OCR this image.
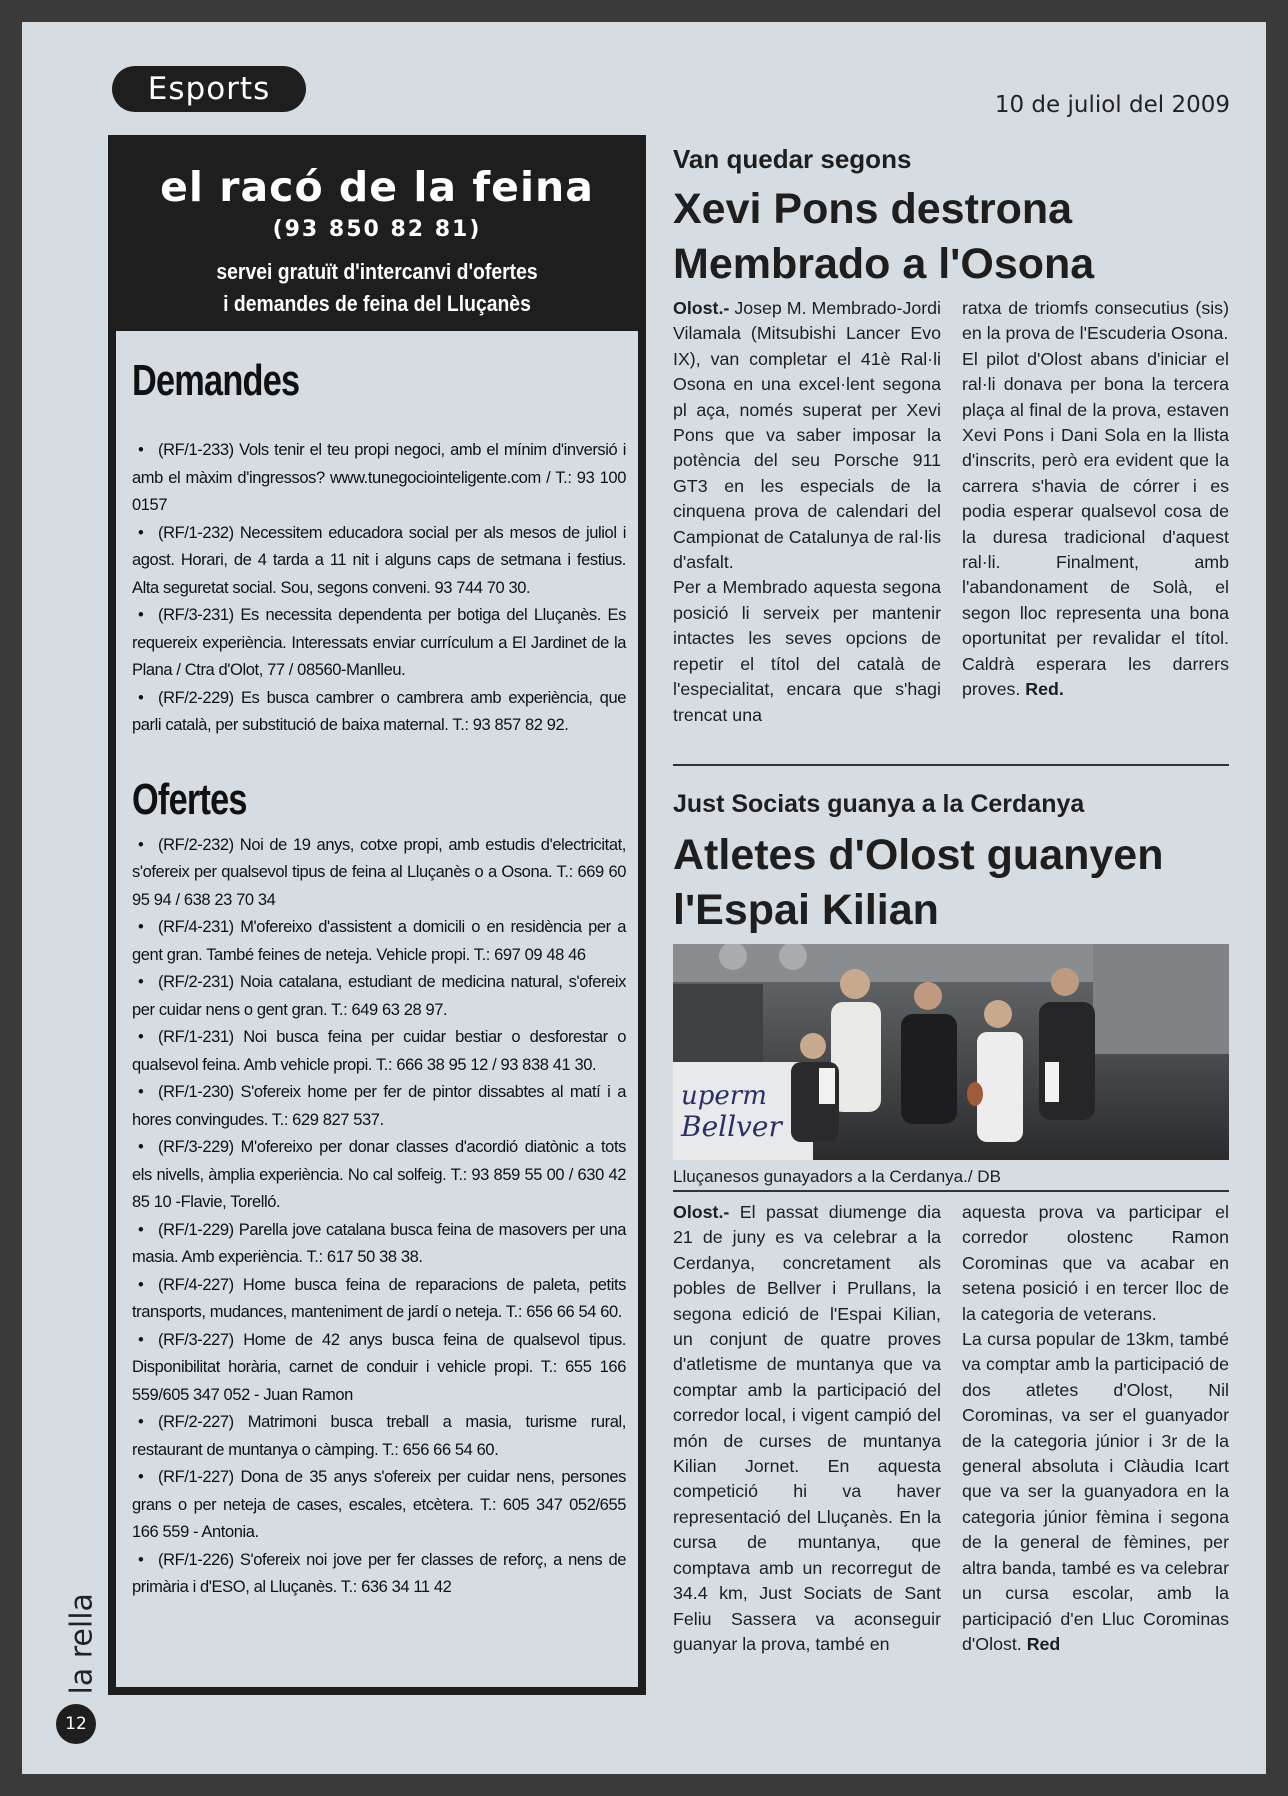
Esports	10 de juliol del 2009
el racó de la feina
(93 850 82 81)
servei gratuït d'intercanvi d'ofertes
i demandes de feina del Lluçanès
Demandes
• (RF/1-233) Vols tenir el teu propi negoci, amb el mínim d'inversió i amb el màxim d'ingressos? www.tunegociointeligente.com / T.: 93 100 0157
• (RF/1-232) Necessitem educadora social per als mesos de juliol i agost. Horari, de 4 tarda a 11 nit i alguns caps de setmana i festius. Alta seguretat social. Sou, segons conveni. 93 744 70 30.
• (RF/3-231) Es necessita dependenta per botiga del Lluçanès. Es requereix experiència. Interessats enviar currículum a El Jardinet de la Plana / Ctra d'Olot, 77 / 08560-Manlleu.
• (RF/2-229) Es busca cambrer o cambrera amb experiència, que parli català, per substitució de baixa maternal. T.: 93 857 82 92.
Ofertes
• (RF/2-232) Noi de 19 anys, cotxe propi, amb estudis d'electricitat, s'ofereix per qualsevol tipus de feina al Lluçanès o a Osona. T.: 669 60 95 94 / 638 23 70 34
• (RF/4-231) M'ofereixo d'assistent a domicili o en residència per a gent gran. També feines de neteja. Vehicle propi. T.: 697 09 48 46
• (RF/2-231) Noia catalana, estudiant de medicina natural, s'ofereix per cuidar nens o gent gran. T.: 649 63 28 97.
• (RF/1-231) Noi busca feina per cuidar bestiar o desforestar o qualsevol feina. Amb vehicle propi. T.: 666 38 95 12 / 93 838 41 30.
• (RF/1-230) S'ofereix home per fer de pintor dissabtes al matí i a hores convingudes. T.: 629 827 537.
• (RF/3-229) M'ofereixo per donar classes d'acordió diatònic a tots els nivells, àmplia experiència. No cal solfeig. T.: 93 859 55 00 / 630 42 85 10 -Flavie, Torelló.
• (RF/1-229) Parella jove catalana busca feina de masovers per una masia. Amb experiència. T.: 617 50 38 38.
• (RF/4-227) Home busca feina de reparacions de paleta, petits transports, mudances, manteniment de jardí o neteja. T.: 656 66 54 60.
• (RF/3-227) Home de 42 anys busca feina de qualsevol tipus. Disponibilitat horària, carnet de conduir i vehicle propi. T.: 655 166 559/605 347 052 - Juan Ramon
• (RF/2-227) Matrimoni busca treball a masia, turisme rural, restaurant de muntanya o càmping. T.: 656 66 54 60.
• (RF/1-227) Dona de 35 anys s'ofereix per cuidar nens, persones grans o per neteja de cases, escales, etcètera. T.: 605 347 052/655 166 559 - Antonia.
• (RF/1-226) S'ofereix noi jove per fer classes de reforç, a nens de primària i d'ESO, al Lluçanès. T.: 636 34 11 42
la rella
12
Van quedar segons
Xevi Pons destrona
Membrado a l'Osona

Olost.- Josep M. Membrado-Jordi Vilamala (Mitsubishi Lancer Evo IX), van completar el 41è Ral·li Osona en una excel·lent segona pl aça, només superat per Xevi Pons que va saber imposar la potència del seu Porsche 911 GT3 en les especials de la cinquena prova de calendari del Campionat de Catalunya de ral·lis d'asfalt.

Per a Membrado aquesta segona posició li serveix per mantenir intactes les seves opcions de repetir el títol del català de l'especialitat, encara que s'hagi trencat una

ratxa de triomfs consecutius (sis) en la prova de l'Escuderia Osona.

El pilot d'Olost abans d'iniciar el ral·li donava per bona la tercera plaça al final de la prova, estaven Xevi Pons i Dani Sola en la llista d'inscrits, però era evident que la carrera s'havia de córrer i es podia esperar qualsevol cosa de la duresa tradicional d'aquest ral·li. Finalment, amb l'abandonament de Solà, el segon lloc representa una bona oportunitat per revalidar el títol. Caldrà esperara les darrers proves. Red.

Just Sociats guanya a la Cerdanya
Atletes d'Olost guanyen
l'Espai Kilian
uperm
Bellver
Lluçanesos gunayadors a la Cerdanya./ DB

Olost.- El passat diumenge dia 21 de juny es va celebrar a la Cerdanya, concretament als pobles de Bellver i Prullans, la segona edició de l'Espai Kilian, un conjunt de quatre proves d'atletisme de muntanya que va comptar amb la participació del corredor local, i vigent campió del món de curses de muntanya Kilian Jornet. En aquesta competició hi va haver representació del Lluçanès. En la cursa de muntanya, que comptava amb un recorregut de 34.4 km, Just Sociats de Sant Feliu Sassera va aconseguir guanyar la prova, també en

aquesta prova va participar el corredor olostenc Ramon Corominas que va acabar en setena posició i en tercer lloc de la categoria de veterans.

La cursa popular de 13km, també va comptar amb la participació de dos atletes d'Olost, Nil Corominas, va ser el guanyador de la categoria júnior i 3r de la general absoluta i Clàudia Icart que va ser la guanyadora en la categoria júnior fèmina i segona de la general de fèmines, per altra banda, també es va celebrar un cursa escolar, amb la participació d'en Lluc Corominas d'Olost. Red
